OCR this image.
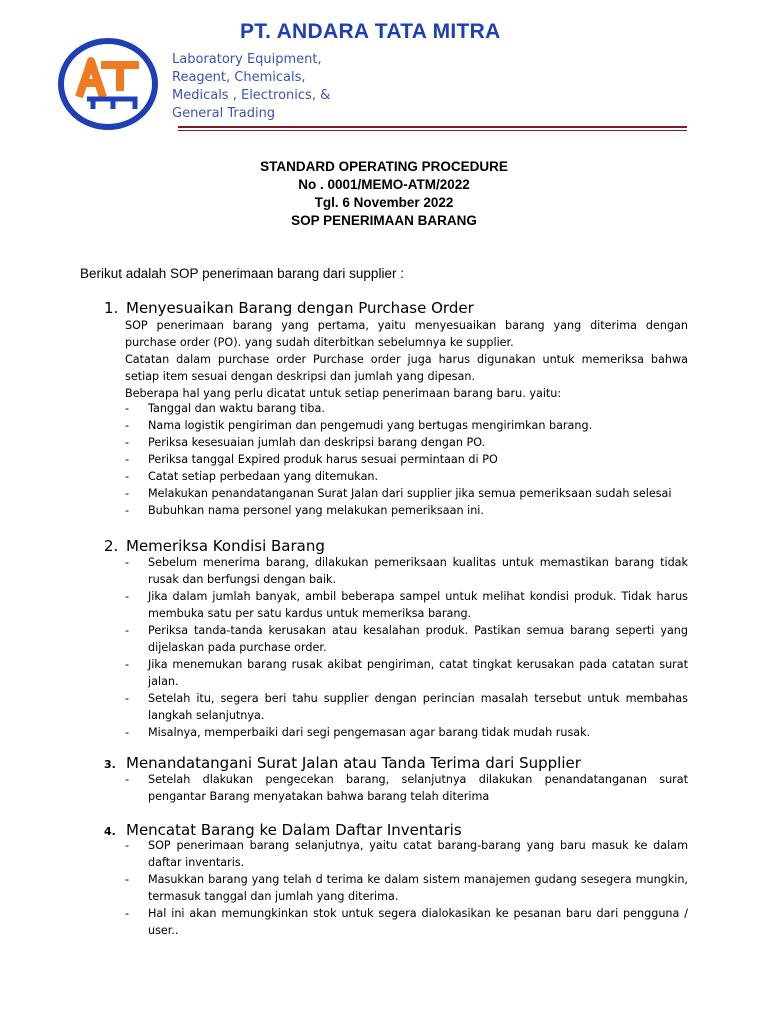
PT. ANDARA TATA MITRA
Laboratory Equipment,
Reagent, Chemicals,
Medicals , Electronics, &
General Trading
STANDARD OPERATING PROCEDURE
No . 0001/MEMO-ATM/2022
Tgl. 6 November 2022
SOP PENERIMAAN BARANG
Berikut adalah SOP penerimaan barang dari supplier :
1. Menyesuaikan Barang dengan Purchase Order

SOP penerimaan barang yang pertama, yaitu menyesuaikan barang yang diterima dengan purchase order (PO). yang sudah diterbitkan sebelumnya ke supplier.

Catatan dalam purchase order Purchase order juga harus digunakan untuk memeriksa bahwa setiap item sesuai dengan deskripsi dan jumlah yang dipesan.

Beberapa hal yang perlu dicatat untuk setiap penerimaan barang baru. yaitu:

- Tanggal dan waktu barang tiba.
- Nama logistik pengiriman dan pengemudi yang bertugas mengirimkan barang.
- Periksa kesesuaian jumlah dan deskripsi barang dengan PO.
- Periksa tanggal Expired produk harus sesuai permintaan di PO
- Catat setiap perbedaan yang ditemukan.
- Melakukan penandatanganan Surat Jalan dari supplier jika semua pemeriksaan sudah selesai
- Bubuhkan nama personel yang melakukan pemeriksaan ini.
2. Memeriksa Kondisi Barang
- Sebelum menerima barang, dilakukan pemeriksaan kualitas untuk memastikan barang tidak rusak dan berfungsi dengan baik.
- Jika dalam jumlah banyak, ambil beberapa sampel untuk melihat kondisi produk. Tidak harus membuka satu per satu kardus untuk memeriksa barang.
- Periksa tanda-tanda kerusakan atau kesalahan produk. Pastikan semua barang seperti yang dijelaskan pada purchase order.
- Jika menemukan barang rusak akibat pengiriman, catat tingkat kerusakan pada catatan surat jalan.
- Setelah itu, segera beri tahu supplier dengan perincian masalah tersebut untuk membahas langkah selanjutnya.
- Misalnya, memperbaiki dari segi pengemasan agar barang tidak mudah rusak.
3. Menandatangani Surat Jalan atau Tanda Terima dari Supplier
- Setelah dlakukan pengecekan barang, selanjutnya dilakukan penandatanganan surat pengantar Barang menyatakan bahwa barang telah diterima
4. Mencatat Barang ke Dalam Daftar Inventaris
- SOP penerimaan barang selanjutnya, yaitu catat barang-barang yang baru masuk ke dalam daftar inventaris.
- Masukkan barang yang telah d terima ke dalam sistem manajemen gudang sesegera mungkin, termasuk tanggal dan jumlah yang diterima.
- Hal ini akan memungkinkan stok untuk segera dialokasikan ke pesanan baru dari pengguna / user..
